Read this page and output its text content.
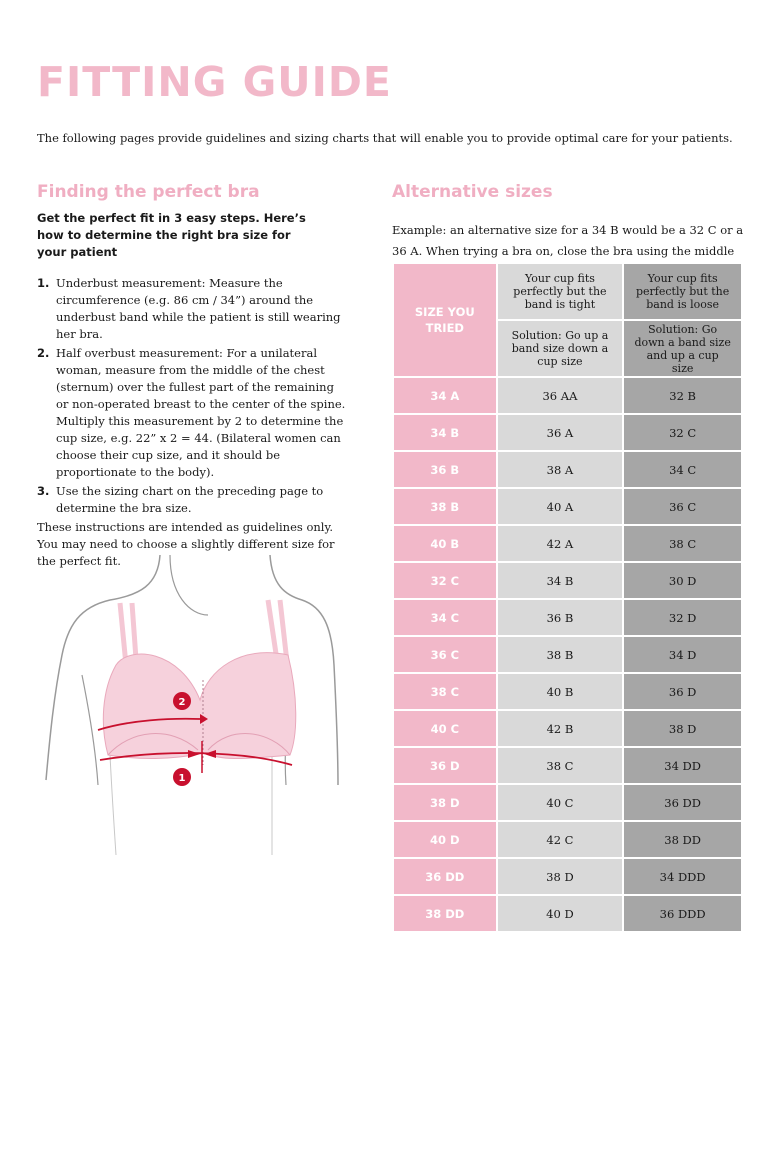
FITTING GUIDE

The following pages provide guidelines and sizing charts that will enable you to provide optimal care for your patients.

Finding the perfect bra

Get the perfect fit in 3 easy steps. Here’s how to determine the right bra size for your patient

1. Underbust measurement: Measure the circumference (e.g. 86 cm / 34”) around the underbust band while the patient is still wearing her bra.
2. Half overbust measurement: For a unilateral woman, measure from the middle of the chest (sternum) over the fullest part of the remaining or non-operated breast to the center of the spine. Multiply this measurement by 2 to determine the cup size, e.g. 22” x 2 = 44. (Bilateral women can choose their cup size, and it should be proportionate to the body).
3. Use the sizing chart on the preceding page to determine the bra size.

These instructions are intended as guidelines only. You may need to choose a slightly different size for the perfect fit.

2
1
Alternative sizes

Example: an alternative size for a 34 B would be a 32 C or a 36 A. When trying a bra on, close the bra using the middle

SIZE YOU TRIED	Your cup fits perfectly but the band is tight	Your cup fits perfectly but the band is loose
	Solution: Go up a band size down a cup size	Solution: Go down a band size and up a cup size
34 A	36 AA	32 B
34 B	36 A	32 C
36 B	38 A	34 C
38 B	40 A	36 C
40 B	42 A	38 C
32 C	34 B	30 D
34 C	36 B	32 D
36 C	38 B	34 D
38 C	40 B	36 D
40 C	42 B	38 D
36 D	38 C	34 DD
38 D	40 C	36 DD
40 D	42 C	38 DD
36 DD	38 D	34 DDD
38 DD	40 D	36 DDD
